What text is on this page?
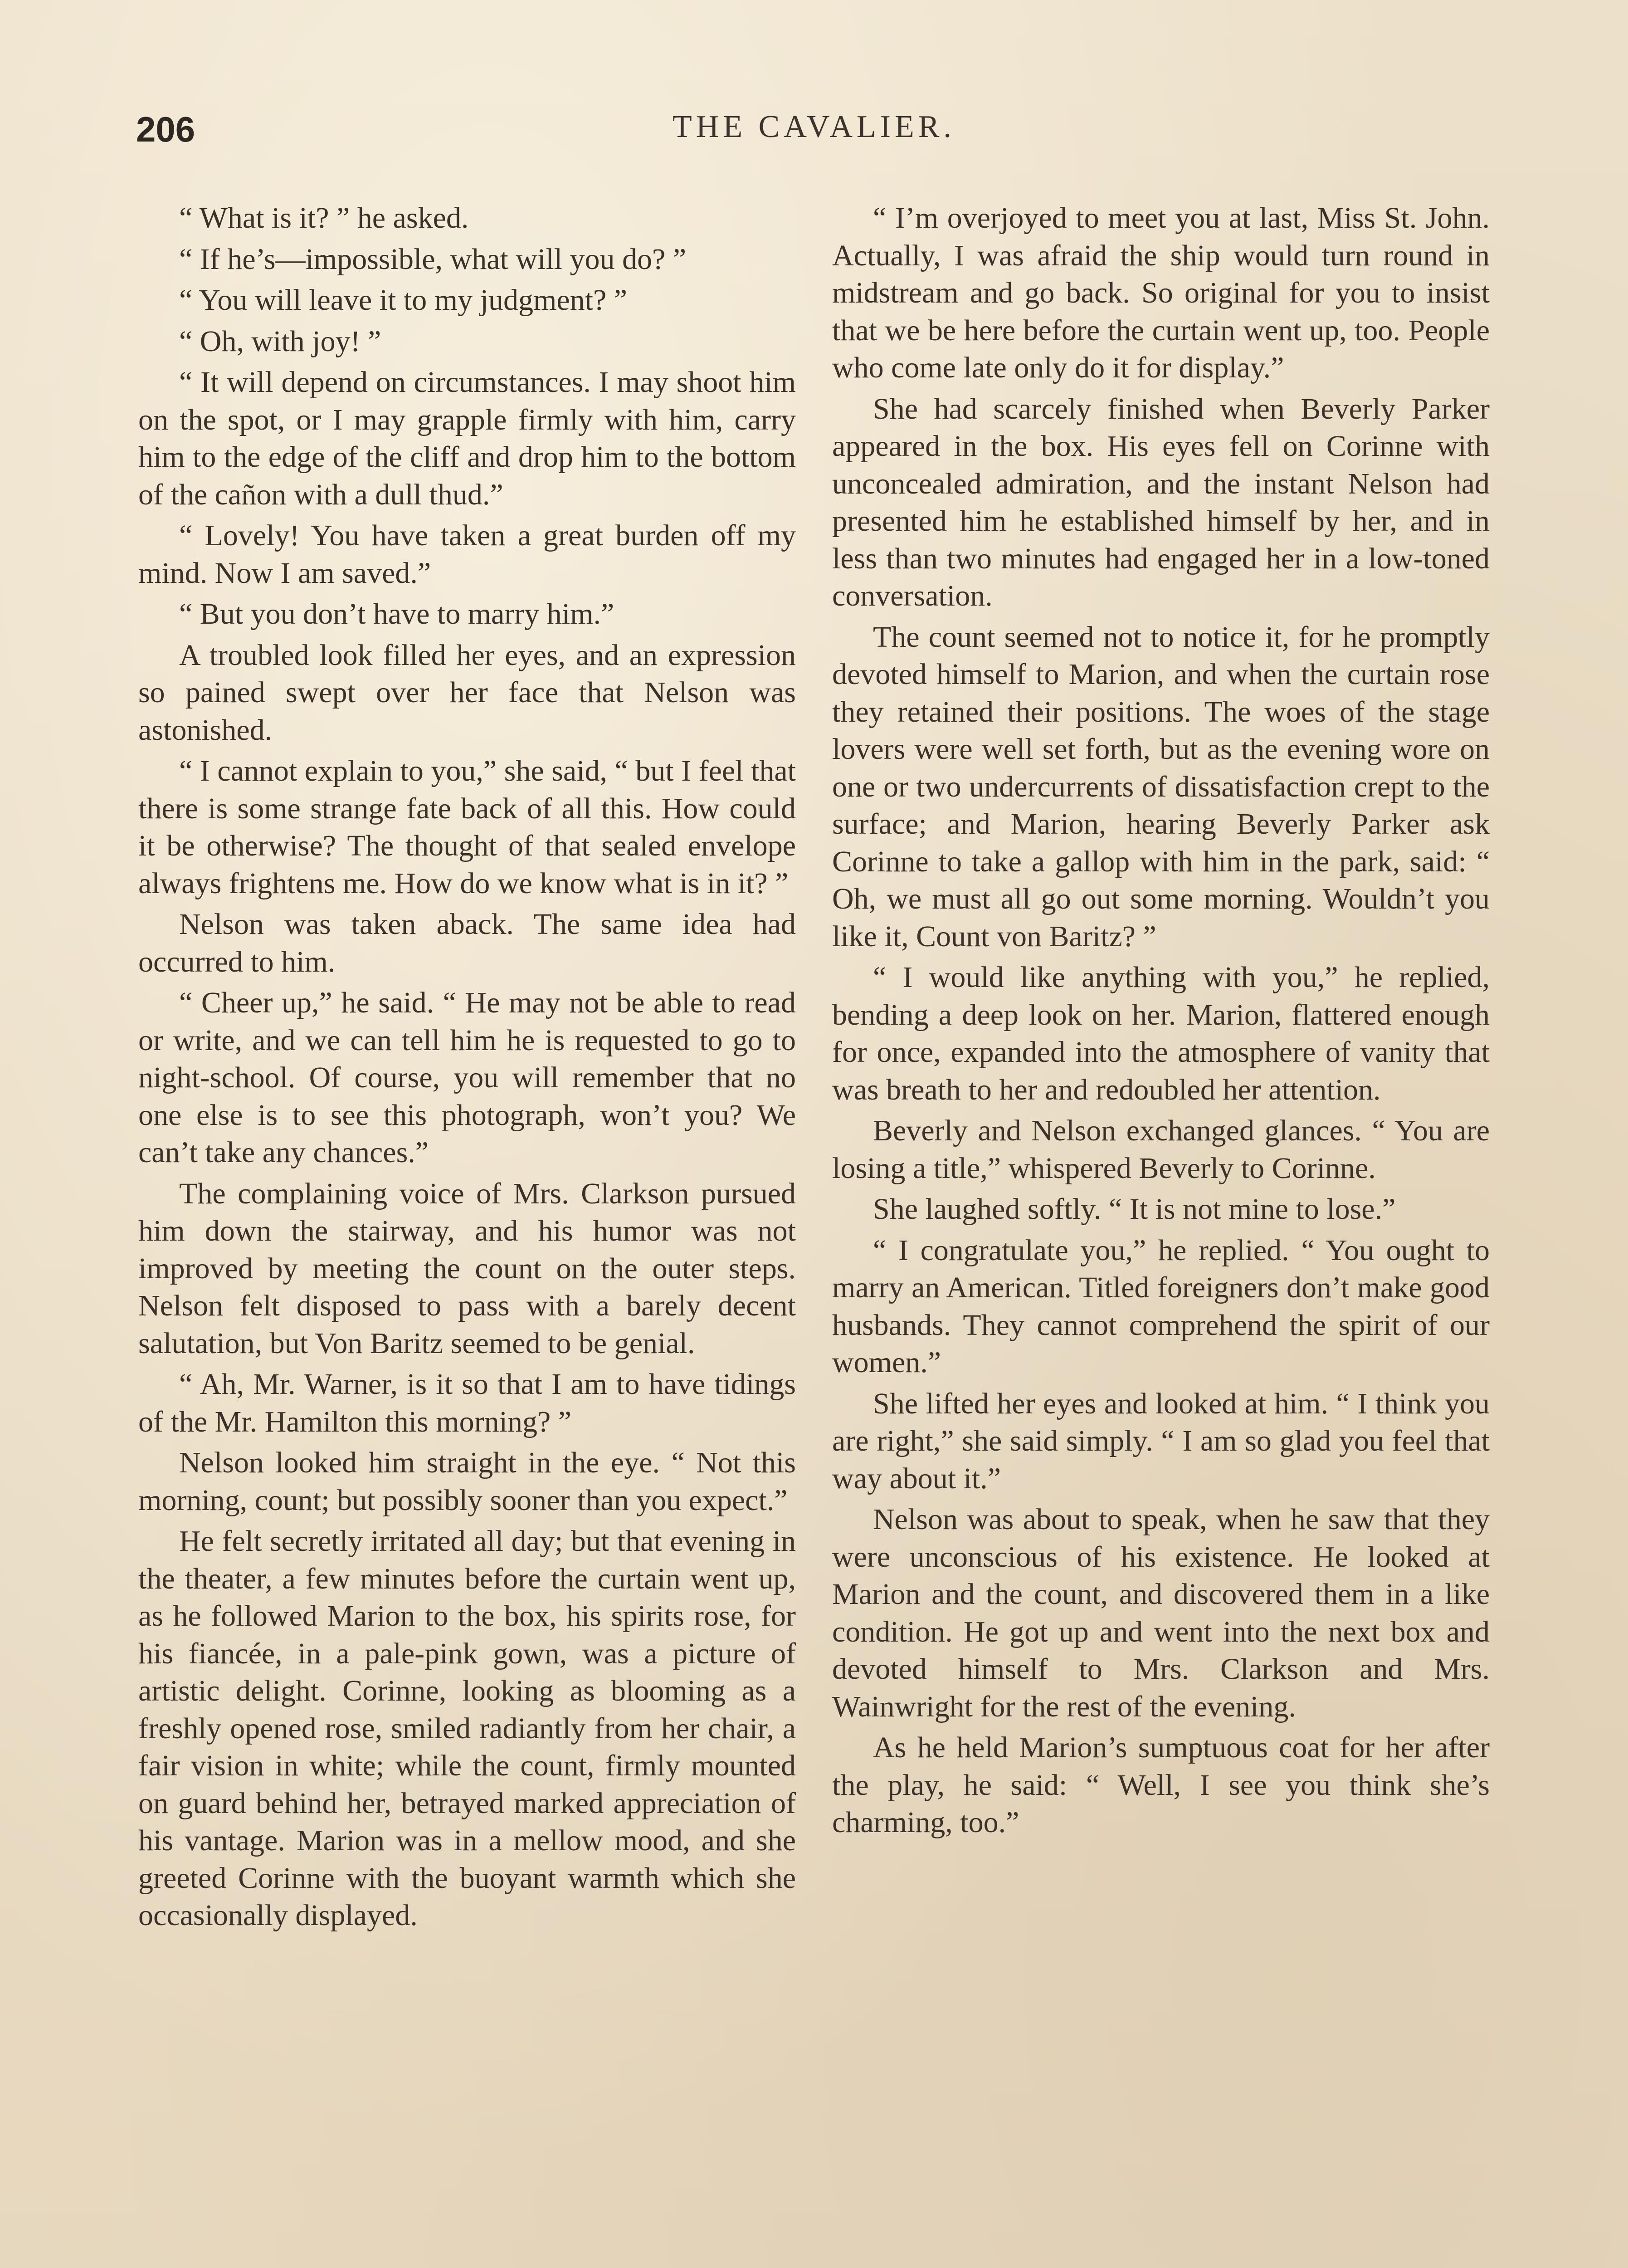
206	THE CAVALIER.

“ What is it? ” he asked.

“ If he’s—impossible, what will you do? ”

“ You will leave it to my judgment? ”

“ Oh, with joy! ”

“ It will depend on circumstances. I may shoot him on the spot, or I may grapple firmly with him, carry him to the edge of the cliff and drop him to the bottom of the cañon with a dull thud.”

“ Lovely! You have taken a great burden off my mind. Now I am saved.”

“ But you don’t have to marry him.”

A troubled look filled her eyes, and an expression so pained swept over her face that Nelson was astonished.

“ I cannot explain to you,” she said, “ but I feel that there is some strange fate back of all this. How could it be otherwise? The thought of that sealed envelope always frightens me. How do we know what is in it? ”

Nelson was taken aback. The same idea had occurred to him.

“ Cheer up,” he said. “ He may not be able to read or write, and we can tell him he is requested to go to night-school. Of course, you will remember that no one else is to see this photograph, won’t you? We can’t take any chances.”

The complaining voice of Mrs. Clarkson pursued him down the stairway, and his humor was not improved by meeting the count on the outer steps. Nelson felt disposed to pass with a barely decent salutation, but Von Baritz seemed to be genial.

“ Ah, Mr. Warner, is it so that I am to have tidings of the Mr. Hamilton this morning? ”

Nelson looked him straight in the eye. “ Not this morning, count; but possibly sooner than you expect.”

He felt secretly irritated all day; but that evening in the theater, a few minutes before the curtain went up, as he followed Marion to the box, his spirits rose, for his fiancée, in a pale-pink gown, was a picture of artistic delight. Corinne, looking as blooming as a freshly opened rose, smiled radiantly from her chair, a fair vision in white; while the count, firmly mounted on guard behind her, betrayed marked appreciation of his vantage. Marion was in a mellow mood, and she greeted Corinne with the buoyant warmth which she occasionally displayed.

“ I’m overjoyed to meet you at last, Miss St. John. Actually, I was afraid the ship would turn round in midstream and go back. So original for you to insist that we be here before the curtain went up, too. People who come late only do it for display.”

She had scarcely finished when Beverly Parker appeared in the box. His eyes fell on Corinne with unconcealed admiration, and the instant Nelson had presented him he established himself by her, and in less than two minutes had engaged her in a low-toned conversation.

The count seemed not to notice it, for he promptly devoted himself to Marion, and when the curtain rose they retained their positions. The woes of the stage lovers were well set forth, but as the evening wore on one or two undercurrents of dissatisfaction crept to the surface; and Marion, hearing Beverly Parker ask Corinne to take a gallop with him in the park, said: “ Oh, we must all go out some morning. Wouldn’t you like it, Count von Baritz? ”

“ I would like anything with you,” he replied, bending a deep look on her. Marion, flattered enough for once, expanded into the atmosphere of vanity that was breath to her and redoubled her attention.

Beverly and Nelson exchanged glances. “ You are losing a title,” whispered Beverly to Corinne.

She laughed softly. “ It is not mine to lose.”

“ I congratulate you,” he replied. “ You ought to marry an American. Titled foreigners don’t make good husbands. They cannot comprehend the spirit of our women.”

She lifted her eyes and looked at him. “ I think you are right,” she said simply. “ I am so glad you feel that way about it.”

Nelson was about to speak, when he saw that they were unconscious of his existence. He looked at Marion and the count, and discovered them in a like condition. He got up and went into the next box and devoted himself to Mrs. Clarkson and Mrs. Wainwright for the rest of the evening.

As he held Marion’s sumptuous coat for her after the play, he said: “ Well, I see you think she’s charming, too.”
